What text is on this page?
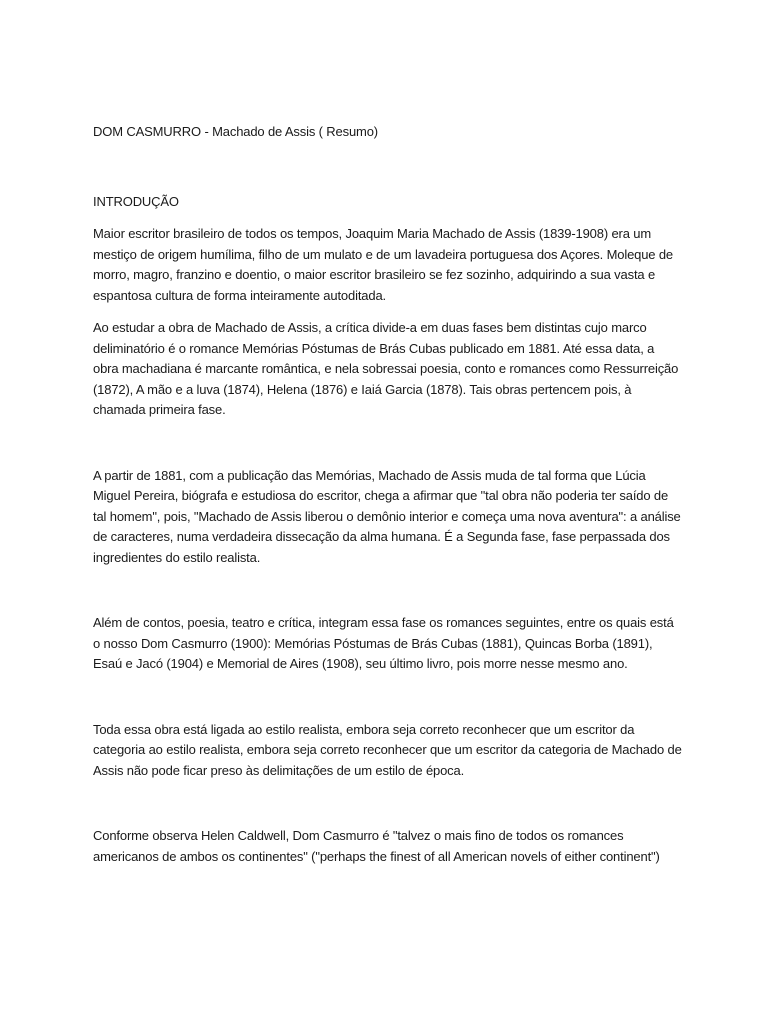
DOM CASMURRO - Machado de Assis ( Resumo)
INTRODUÇÃO

Maior escritor brasileiro de todos os tempos, Joaquim Maria Machado de Assis (1839-1908) era um mestiço de origem humílima, filho de um mulato e de um lavadeira portuguesa dos Açores. Moleque de morro, magro, franzino e doentio, o maior escritor brasileiro se fez sozinho, adquirindo a sua vasta e espantosa cultura de forma inteiramente autoditada.

Ao estudar a obra de Machado de Assis, a crítica divide-a em duas fases bem distintas cujo marco deliminatório é o romance Memórias Póstumas de Brás Cubas publicado em 1881. Até essa data, a obra machadiana é marcante romântica, e nela sobressai poesia, conto e romances como Ressurreição (1872), A mão e a luva (1874), Helena (1876) e Iaiá Garcia (1878). Tais obras pertencem pois, à chamada primeira fase.

A partir de 1881, com a publicação das Memórias, Machado de Assis muda de tal forma que Lúcia Miguel Pereira, biógrafa e estudiosa do escritor, chega a afirmar que "tal obra não poderia ter saído de tal homem", pois, "Machado de Assis liberou o demônio interior e começa uma nova aventura": a análise de caracteres, numa verdadeira dissecação da alma humana. É a Segunda fase, fase perpassada dos ingredientes do estilo realista.

Além de contos, poesia, teatro e crítica, integram essa fase os romances seguintes, entre os quais está o nosso Dom Casmurro (1900): Memórias Póstumas de Brás Cubas (1881), Quincas Borba (1891), Esaú e Jacó (1904) e Memorial de Aires (1908), seu último livro, pois morre nesse mesmo ano.

Toda essa obra está ligada ao estilo realista, embora seja correto reconhecer que um escritor da categoria ao estilo realista, embora seja correto reconhecer que um escritor da categoria de Machado de Assis não pode ficar preso às delimitações de um estilo de época.

Conforme observa Helen Caldwell, Dom Casmurro é "talvez o mais fino de todos os romances americanos de ambos os continentes" ("perhaps the finest of all American novels of either continent")
